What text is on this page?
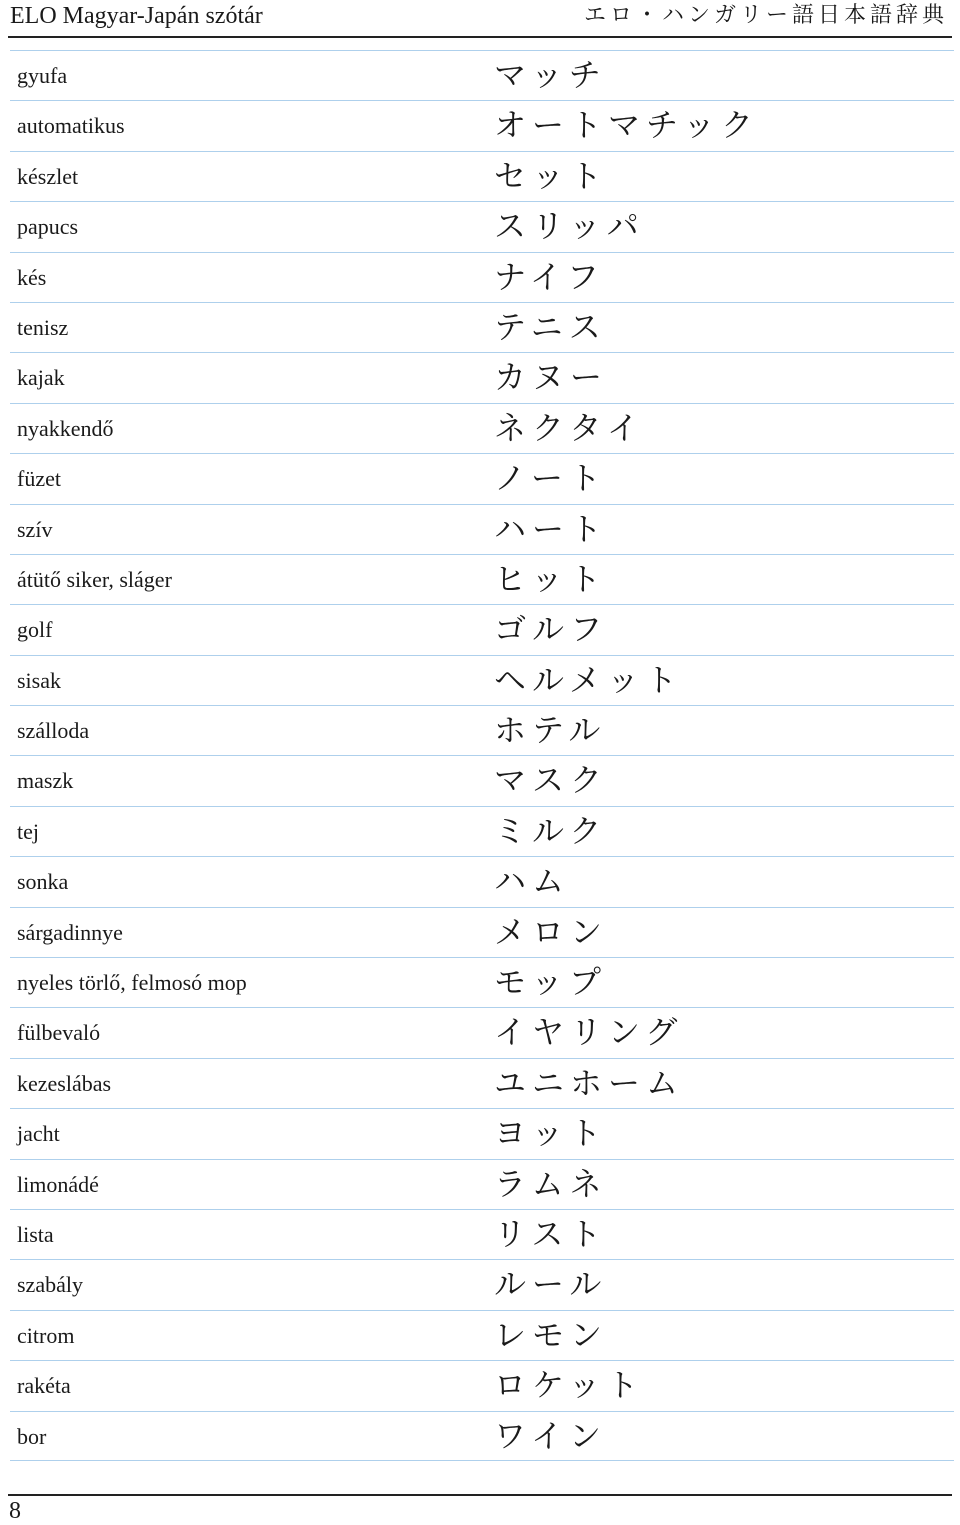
ELO Magyar-Japán szótár	エロ・ハンガリー語日本語辞典
gyufa	マッチ
automatikus	オートマチック
készlet	セット
papucs	スリッパ
kés	ナイフ
tenisz	テニス
kajak	カヌー
nyakkendő	ネクタイ
füzet	ノート
szív	ハート
átütő siker, sláger	ヒット
golf	ゴルフ
sisak	ヘルメット
szálloda	ホテル
maszk	マスク
tej	ミルク
sonka	ハム
sárgadinnye	メロン
nyeles törlő, felmosó mop	モップ
fülbevaló	イヤリング
kezeslábas	ユニホーム
jacht	ヨット
limonádé	ラムネ
lista	リスト
szabály	ルール
citrom	レモン
rakéta	ロケット
bor	ワイン
8
